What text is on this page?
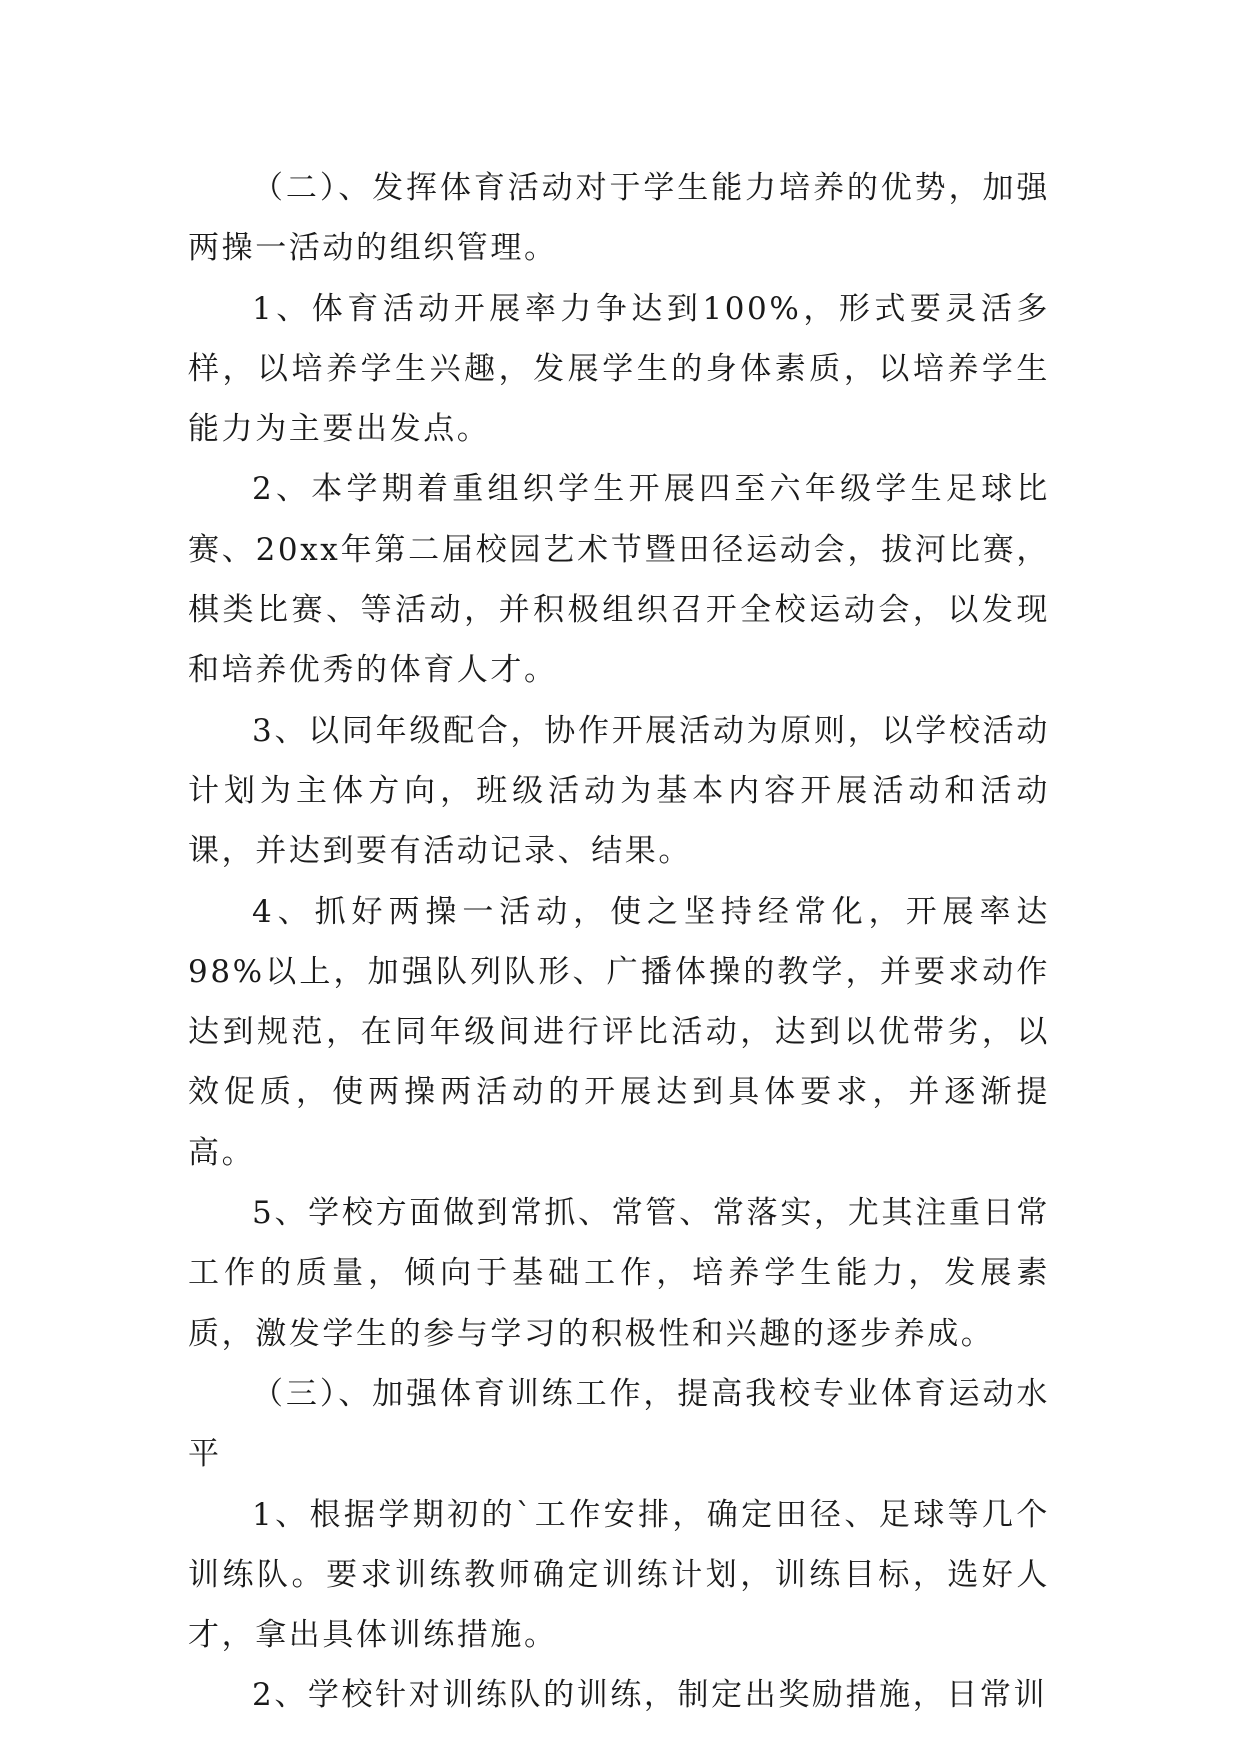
（二）、发挥体育活动对于学生能力培养的优势，加强两操一活动的组织管理。

1、体育活动开展率力争达到100%，形式要灵活多样，以培养学生兴趣，发展学生的身体素质，以培养学生能力为主要出发点。

2、本学期着重组织学生开展四至六年级学生足球比赛、20xx年第二届校园艺术节暨田径运动会，拔河比赛，棋类比赛、等活动，并积极组织召开全校运动会，以发现和培养优秀的体育人才。

3、以同年级配合，协作开展活动为原则，以学校活动计划为主体方向，班级活动为基本内容开展活动和活动课，并达到要有活动记录、结果。

4、抓好两操一活动，使之坚持经常化，开展率达98%以上，加强队列队形、广播体操的教学，并要求动作达到规范，在同年级间进行评比活动，达到以优带劣，以效促质，使两操两活动的开展达到具体要求，并逐渐提高。

5、学校方面做到常抓、常管、常落实，尤其注重日常工作的质量，倾向于基础工作，培养学生能力，发展素质，激发学生的参与学习的积极性和兴趣的逐步养成。

（三）、加强体育训练工作，提高我校专业体育运动水平

1、根据学期初的`工作安排，确定田径、足球等几个训练队。要求训练教师确定训练计划，训练目标，选好人才，拿出具体训练措施。

2、学校针对训练队的训练，制定出奖励措施，日常训
